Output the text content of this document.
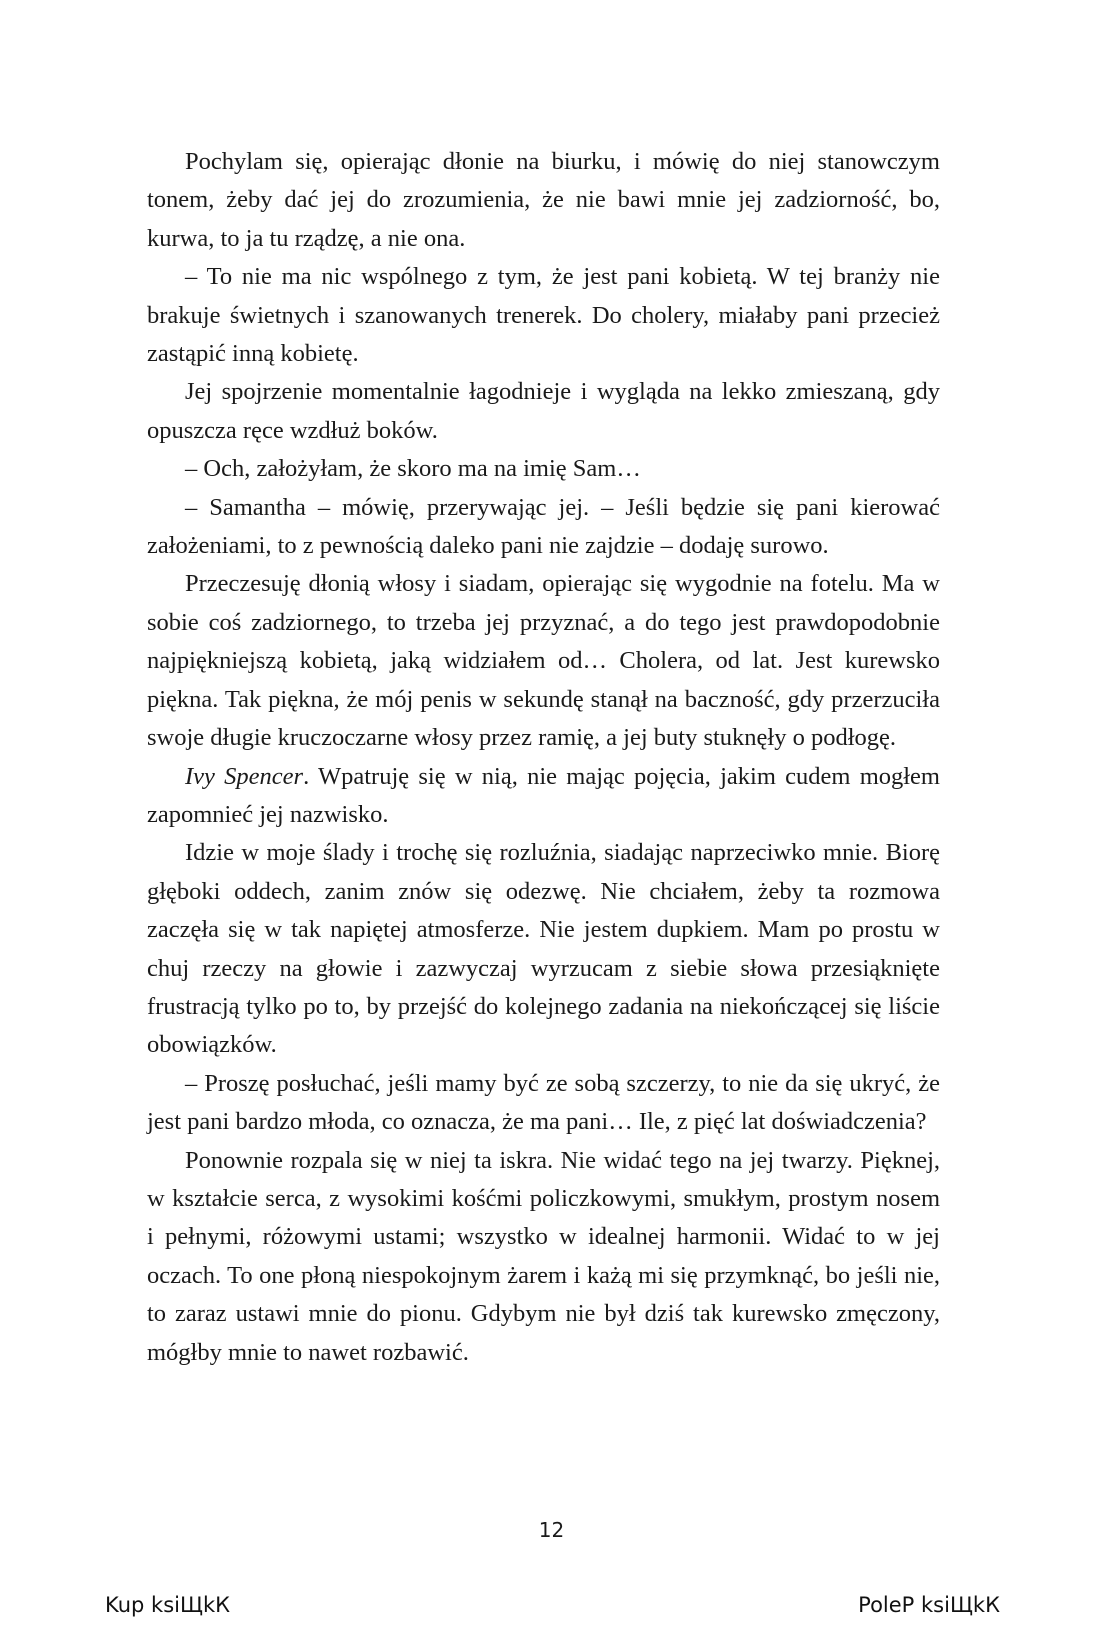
Pochylam się, opierając dłonie na biurku, i mówię do niej stanowczym tonem, żeby dać jej do zrozumienia, że nie bawi mnie jej zadziorność, bo, kurwa, to ja tu rządzę, a nie ona.

– To nie ma nic wspólnego z tym, że jest pani kobietą. W tej branży nie brakuje świetnych i szanowanych trenerek. Do cholery, miałaby pani przecież zastąpić inną kobietę.

Jej spojrzenie momentalnie łagodnieje i wygląda na lekko zmieszaną, gdy opuszcza ręce wzdłuż boków.

– Och, założyłam, że skoro ma na imię Sam…

– Samantha – mówię, przerywając jej. – Jeśli będzie się pani kierować założeniami, to z pewnością daleko pani nie zajdzie – dodaję surowo.

Przeczesuję dłonią włosy i siadam, opierając się wygodnie na fotelu. Ma w sobie coś zadziornego, to trzeba jej przyznać, a do tego jest prawdopodobnie najpiękniejszą kobietą, jaką widziałem od… Cholera, od lat. Jest kurewsko piękna. Tak piękna, że mój penis w sekundę stanął na baczność, gdy przerzuciła swoje długie kruczoczarne włosy przez ramię, a jej buty stuknęły o podłogę.

Ivy Spencer. Wpatruję się w nią, nie mając pojęcia, jakim cudem mogłem zapomnieć jej nazwisko.

Idzie w moje ślady i trochę się rozluźnia, siadając naprzeciwko mnie. Biorę głęboki oddech, zanim znów się odezwę. Nie chciałem, żeby ta rozmowa zaczęła się w tak napiętej atmosferze. Nie jestem dupkiem. Mam po prostu w chuj rzeczy na głowie i zazwyczaj wyrzucam z siebie słowa przesiąknięte frustracją tylko po to, by przejść do kolejnego zadania na niekończącej się liście obowiązków.

– Proszę posłuchać, jeśli mamy być ze sobą szczerzy, to nie da się ukryć, że jest pani bardzo młoda, co oznacza, że ma pani… Ile, z pięć lat doświadczenia?

Ponownie rozpala się w niej ta iskra. Nie widać tego na jej twarzy. Pięknej, w kształcie serca, z wysokimi kośćmi policzkowymi, smukłym, prostym nosem i pełnymi, różowymi ustami; wszystko w idealnej harmonii. Widać to w jej oczach. To one płoną niespokojnym żarem i każą mi się przymknąć, bo jeśli nie, to zaraz ustawi mnie do pionu. Gdybym nie był dziś tak kurewsko zmęczony, mógłby mnie to nawet rozbawić.

12
Kup ksiЩkК	PoleР ksiЩkК
